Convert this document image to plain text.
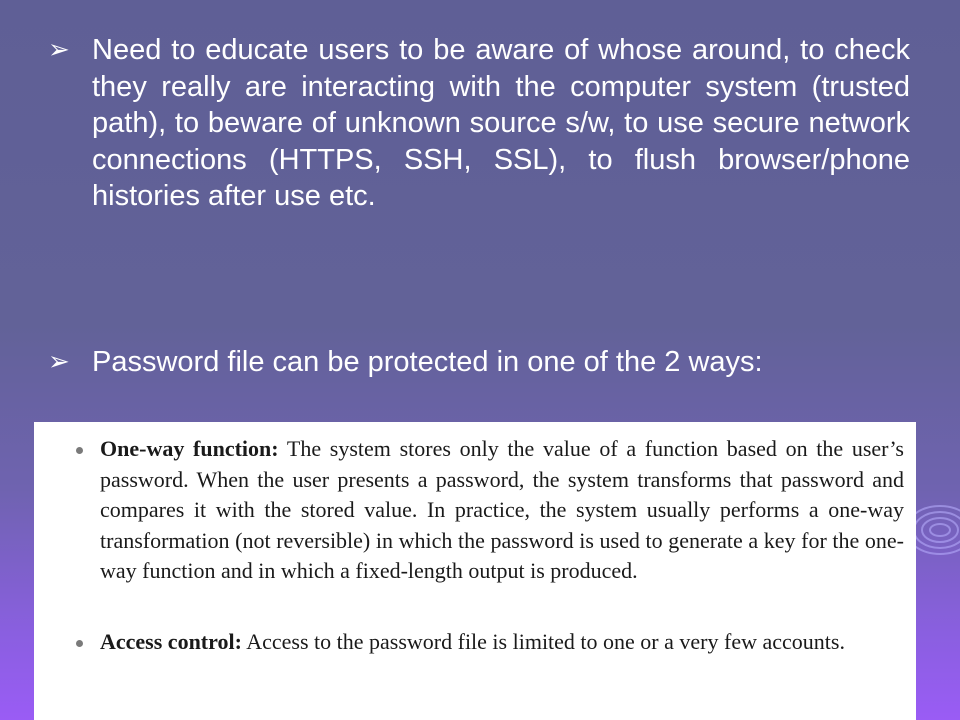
➢ Need to educate users to be aware of whose around, to check they really are interacting with the computer system (trusted path), to beware of unknown source s/w, to use secure network connections (HTTPS, SSH, SSL), to flush browser/phone histories after use etc.
➢ Password file can be protected in one of the 2 ways:
One-way function: The system stores only the value of a function based on the user’s password. When the user presents a password, the system transforms that password and compares it with the stored value. In practice, the system usually performs a one-way transformation (not reversible) in which the password is used to generate a key for the one-way function and in which a fixed-length output is produced.
Access control: Access to the password file is limited to one or a very few accounts.
